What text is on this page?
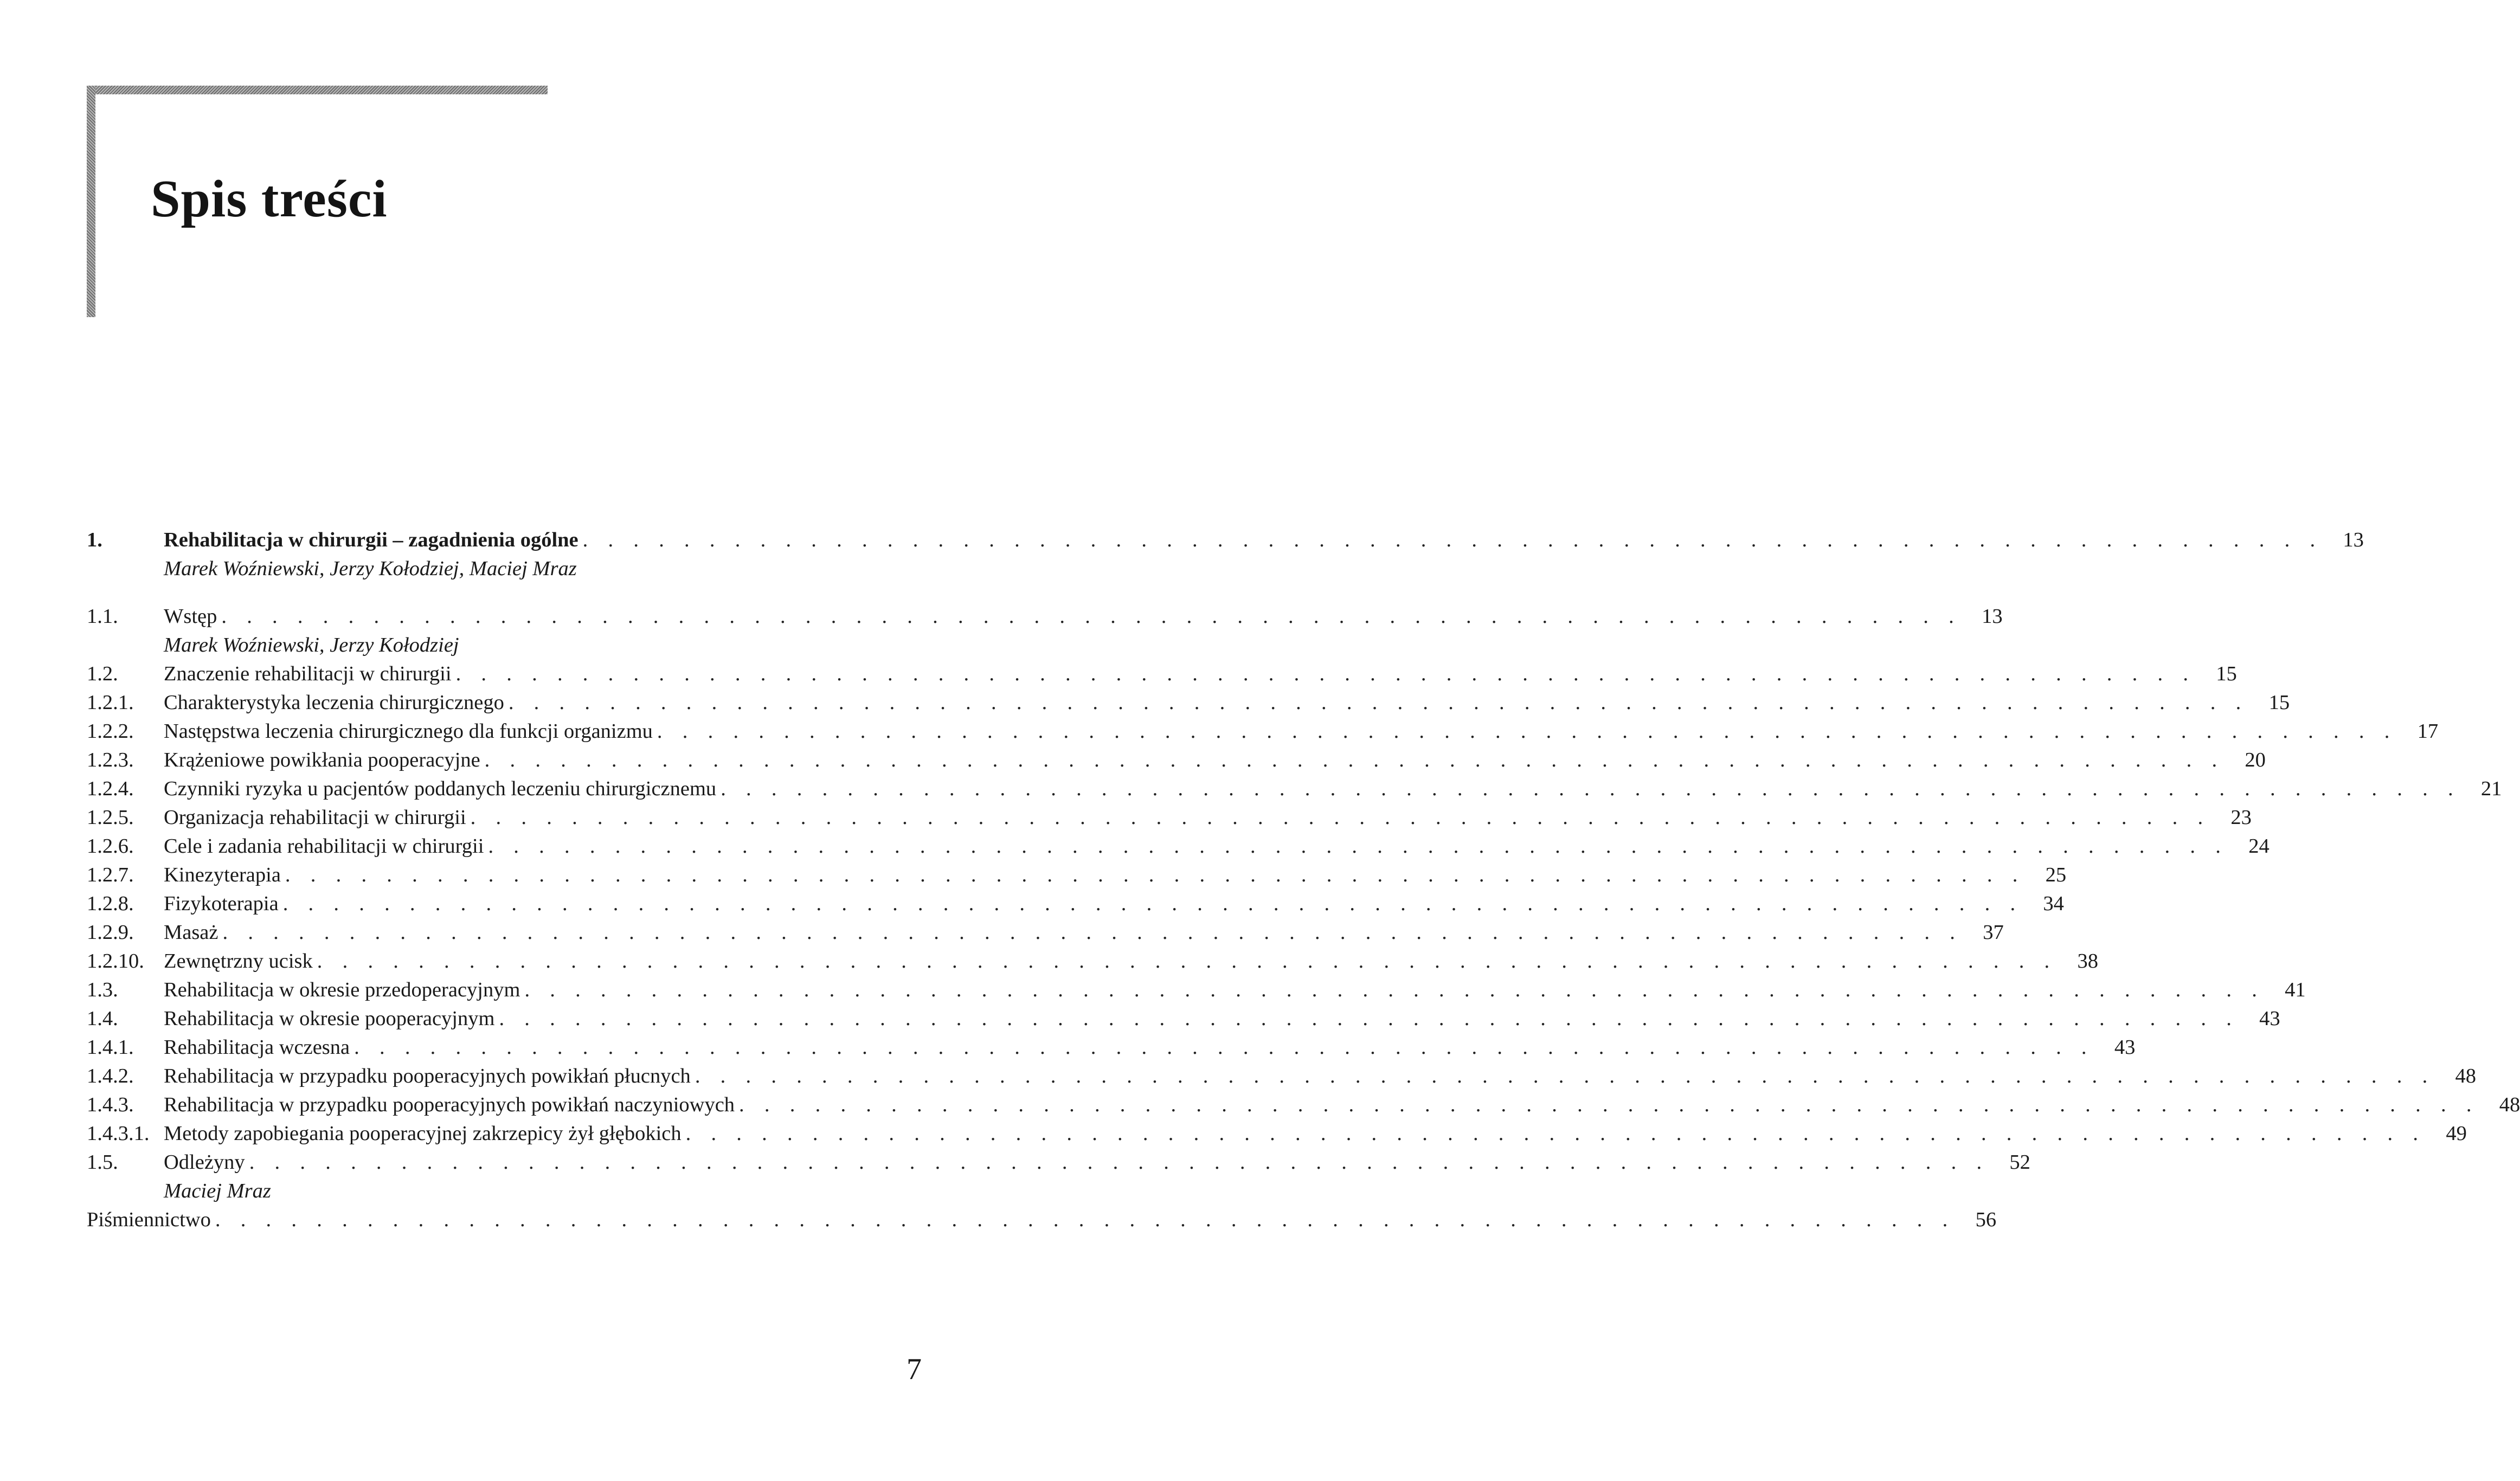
Spis treści
1.	Rehabilitacja w chirurgii – zagadnienia ogólne . . . . . . . . . . . . . . . . . . . . . . . . . . . . . . . . . . . . . . . . . . . . . . . . . . . . . . . . . . . . . . . . . . . . . 13
Marek Woźniewski, Jerzy Kołodziej, Maciej Mraz
1.1.	Wstęp . . . . . . . . . . . . . . . . . . . . . . . . . . . . . . . . . . . . . . . . . . . . . . . . . . . . . . . . . . . . . . . . . . . . . 13
Marek Woźniewski, Jerzy Kołodziej
1.2.	Znaczenie rehabilitacji w chirurgii . . . . . . . . . . . . . . . . . . . . . . . . . . . . . . . . . . . . . . . . . . . . . . . . . . . . . . . . . . . . . . . . . . . . . 15
1.2.1.	Charakterystyka leczenia chirurgicznego . . . . . . . . . . . . . . . . . . . . . . . . . . . . . . . . . . . . . . . . . . . . . . . . . . . . . . . . . . . . . . . . . . . . . 15
1.2.2.	Następstwa leczenia chirurgicznego dla funkcji organizmu . . . . . . . . . . . . . . . . . . . . . . . . . . . . . . . . . . . . . . . . . . . . . . . . . . . . . . . . . . . . . . . . . . . . . 17
1.2.3.	Krążeniowe powikłania pooperacyjne . . . . . . . . . . . . . . . . . . . . . . . . . . . . . . . . . . . . . . . . . . . . . . . . . . . . . . . . . . . . . . . . . . . . . 20
1.2.4.	Czynniki ryzyka u pacjentów poddanych leczeniu chirurgicznemu . . . . . . . . . . . . . . . . . . . . . . . . . . . . . . . . . . . . . . . . . . . . . . . . . . . . . . . . . . . . . . . . . . . . . 21
1.2.5.	Organizacja rehabilitacji w chirurgii . . . . . . . . . . . . . . . . . . . . . . . . . . . . . . . . . . . . . . . . . . . . . . . . . . . . . . . . . . . . . . . . . . . . . 23
1.2.6.	Cele i zadania rehabilitacji w chirurgii . . . . . . . . . . . . . . . . . . . . . . . . . . . . . . . . . . . . . . . . . . . . . . . . . . . . . . . . . . . . . . . . . . . . . 24
1.2.7.	Kinezyterapia . . . . . . . . . . . . . . . . . . . . . . . . . . . . . . . . . . . . . . . . . . . . . . . . . . . . . . . . . . . . . . . . . . . . . 25
1.2.8.	Fizykoterapia . . . . . . . . . . . . . . . . . . . . . . . . . . . . . . . . . . . . . . . . . . . . . . . . . . . . . . . . . . . . . . . . . . . . . 34
1.2.9.	Masaż . . . . . . . . . . . . . . . . . . . . . . . . . . . . . . . . . . . . . . . . . . . . . . . . . . . . . . . . . . . . . . . . . . . . . 37
1.2.10. Zewnętrzny ucisk . . . . . . . . . . . . . . . . . . . . . . . . . . . . . . . . . . . . . . . . . . . . . . . . . . . . . . . . . . . . . . . . . . . . . 38
1.3.	Rehabilitacja w okresie przedoperacyjnym . . . . . . . . . . . . . . . . . . . . . . . . . . . . . . . . . . . . . . . . . . . . . . . . . . . . . . . . . . . . . . . . . . . . . 41
1.4.	Rehabilitacja w okresie pooperacyjnym . . . . . . . . . . . . . . . . . . . . . . . . . . . . . . . . . . . . . . . . . . . . . . . . . . . . . . . . . . . . . . . . . . . . . 43
1.4.1.	Rehabilitacja wczesna . . . . . . . . . . . . . . . . . . . . . . . . . . . . . . . . . . . . . . . . . . . . . . . . . . . . . . . . . . . . . . . . . . . . . 43
1.4.2.	Rehabilitacja w przypadku pooperacyjnych powikłań płucnych . . . . . . . . . . . . . . . . . . . . . . . . . . . . . . . . . . . . . . . . . . . . . . . . . . . . . . . . . . . . . . . . . . . . . 48
1.4.3.	Rehabilitacja w przypadku pooperacyjnych powikłań naczyniowych . . . . . . . . . . . . . . . . . . . . . . . . . . . . . . . . . . . . . . . . . . . . . . . . . . . . . . . . . . . . . . . . . . . . . 48
1.4.3.1. Metody zapobiegania pooperacyjnej zakrzepicy żył głębokich . . . . . . . . . . . . . . . . . . . . . . . . . . . . . . . . . . . . . . . . . . . . . . . . . . . . . . . . . . . . . . . . . . . . . 49
1.5.	Odleżyny . . . . . . . . . . . . . . . . . . . . . . . . . . . . . . . . . . . . . . . . . . . . . . . . . . . . . . . . . . . . . . . . . . . . . 52
Maciej Mraz
Piśmiennictwo . . . . . . . . . . . . . . . . . . . . . . . . . . . . . . . . . . . . . . . . . . . . . . . . . . . . . . . . . . . . . . . . . . . . . 56
7
